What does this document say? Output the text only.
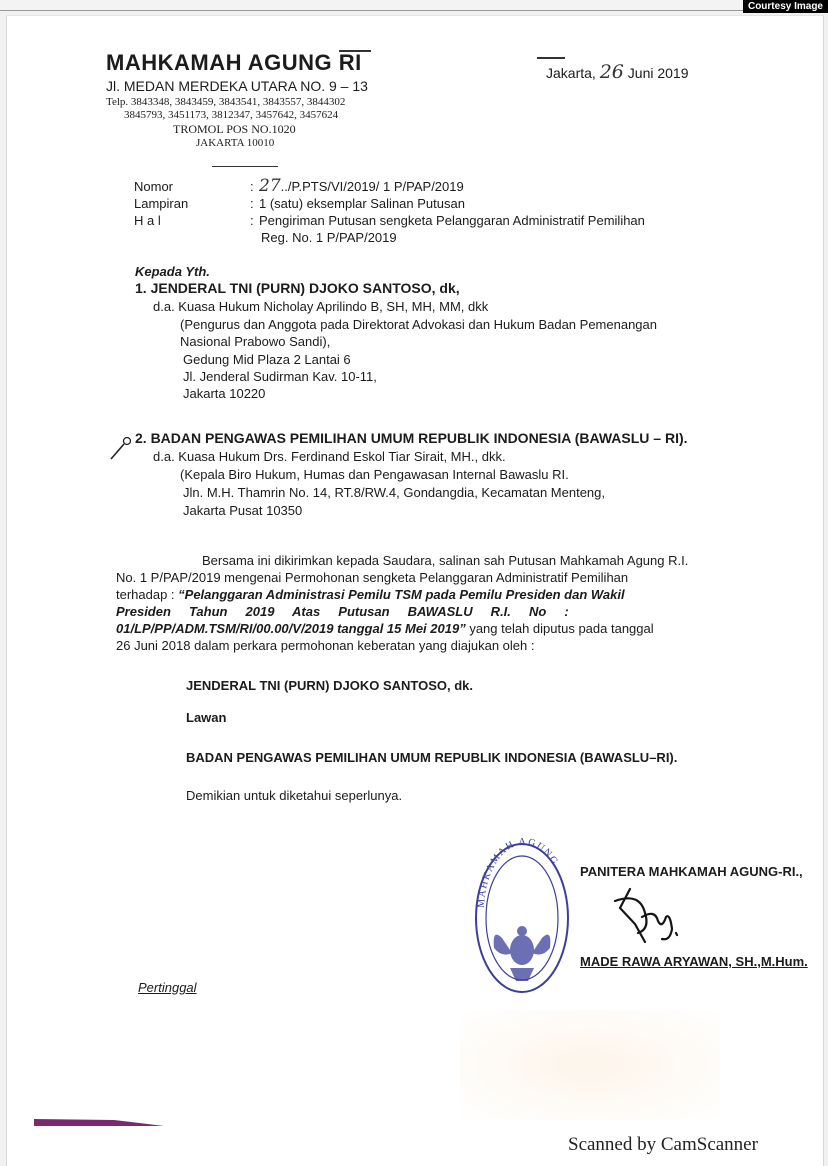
Courtesy Image
MAHKAMAH AGUNG RI
Jl. MEDAN MERDEKA UTARA NO. 9 – 13
Telp. 3843348, 3843459, 3843541, 3843557, 3844302
3845793, 3451173, 3812347, 3457642, 3457624
TROMOL POS NO.1020
JAKARTA 10010
Jakarta, 26 Juni 2019
Nomor	: 27../P.PTS/VI/2019/ 1 P/PAP/2019
Lampiran	: 1 (satu) eksemplar Salinan Putusan
H a l	: Pengiriman Putusan sengketa Pelanggaran Administratif Pemilihan
Reg. No. 1 P/PAP/2019
Kepada Yth.
1. JENDERAL TNI (PURN) DJOKO SANTOSO, dk,
d.a. Kuasa Hukum Nicholay Aprilindo B, SH, MH, MM, dkk
(Pengurus dan Anggota pada Direktorat Advokasi dan Hukum Badan Pemenangan
Nasional Prabowo Sandi),
Gedung Mid Plaza 2 Lantai 6
Jl. Jenderal Sudirman Kav. 10-11,
Jakarta 10220
2. BADAN PENGAWAS PEMILIHAN UMUM REPUBLIK INDONESIA (BAWASLU – RI).
d.a. Kuasa Hukum Drs. Ferdinand Eskol Tiar Sirait, MH., dkk.
(Kepala Biro Hukum, Humas dan Pengawasan Internal Bawaslu RI.
Jln. M.H. Thamrin No. 14, RT.8/RW.4, Gondangdia, Kecamatan Menteng,
Jakarta Pusat 10350
Bersama ini dikirimkan kepada Saudara, salinan sah Putusan Mahkamah Agung R.I.
No. 1 P/PAP/2019 mengenai Permohonan sengketa Pelanggaran Administratif Pemilihan
terhadap : “Pelanggaran Administrasi Pemilu TSM pada Pemilu Presiden dan Wakil
Presiden     Tahun     2019     Atas     Putusan     BAWASLU     R.I.     No     :
01/LP/PP/ADM.TSM/RI/00.00/V/2019 tanggal 15 Mei 2019” yang telah diputus pada tanggal
26 Juni 2018 dalam perkara permohonan keberatan yang diajukan oleh :
JENDERAL TNI (PURN) DJOKO SANTOSO, dk.
Lawan
BADAN PENGAWAS PEMILIHAN UMUM REPUBLIK INDONESIA (BAWASLU–RI).
Demikian untuk diketahui seperlunya.
MAHKAMAH AGUNG
PANITERA MAHKAMAH AGUNG-RI.,
MADE RAWA ARYAWAN, SH.,M.Hum.
Pertinggal
Scanned by CamScanner
